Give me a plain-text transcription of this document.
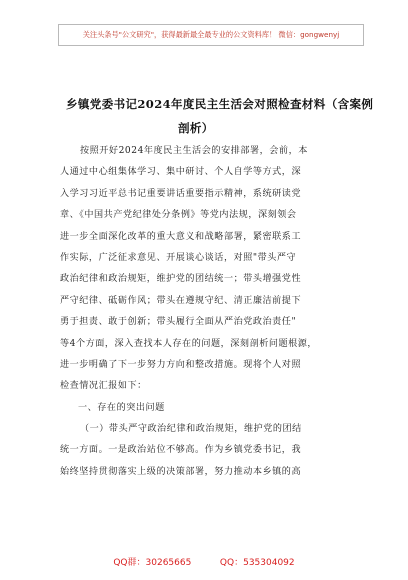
关注头条号"公文研究"，获得最新最全最专业的公文资料库！ 微信：gongwenyj
乡镇党委书记2024年度民主生活会对照检查材料（含案例
剖析）
按照开好2024年度民主生活会的安排部署，会前，本
人通过中心组集体学习、集中研讨、个人自学等方式，深
入学习习近平总书记重要讲话重要指示精神，系统研读党
章、《中国共产党纪律处分条例》等党内法规，深刻领会
进一步全面深化改革的重大意义和战略部署，紧密联系工
作实际，广泛征求意见、开展谈心谈话，对照"带头严守
政治纪律和政治规矩，维护党的团结统一；带头增强党性
严守纪律、砥砺作风；带头在遵规守纪、清正廉洁前提下
勇于担责、敢于创新；带头履行全面从严治党政治责任"
等4个方面，深入查找本人存在的问题，深刻剖析问题根源，
进一步明确了下一步努力方向和整改措施。现将个人对照
检查情况汇报如下：
一、存在的突出问题
（一）带头严守政治纪律和政治规矩，维护党的团结
统一方面。一是政治站位不够高。作为乡镇党委书记，我
始终坚持贯彻落实上级的决策部署，努力推动本乡镇的高
QQ群：30265665          QQ：535304092
